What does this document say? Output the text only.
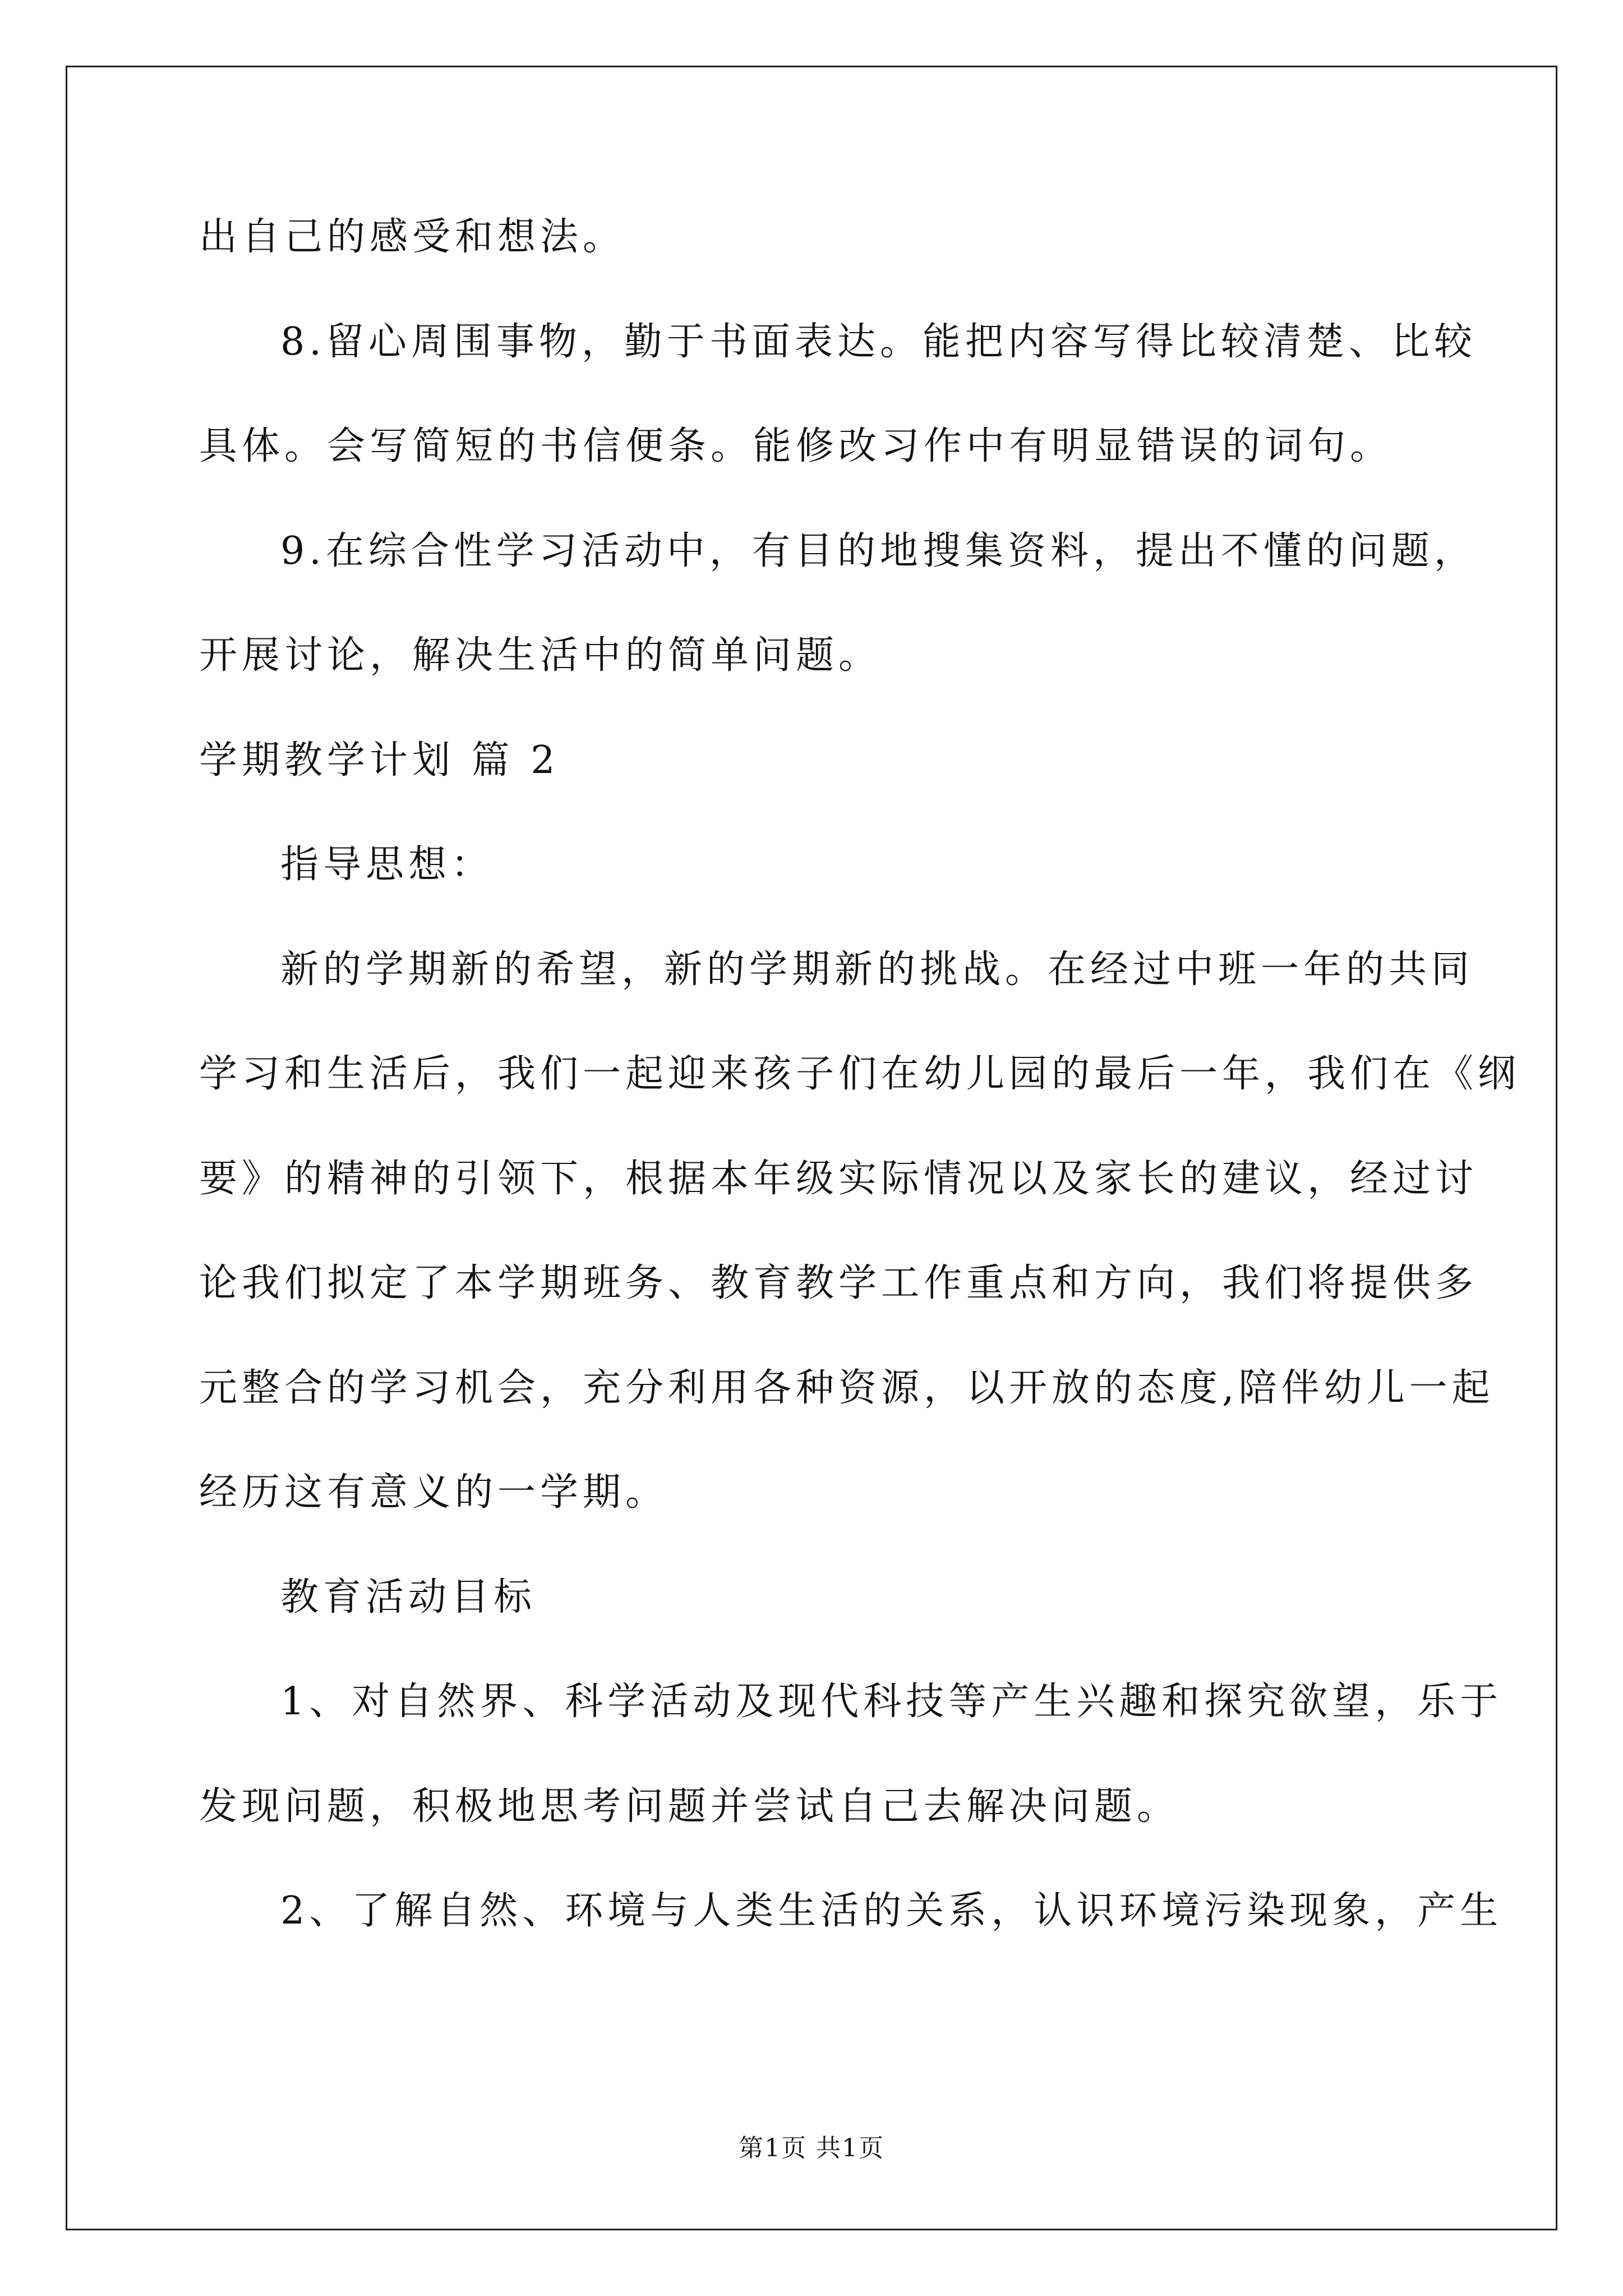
出自己的感受和想法。
8.留心周围事物，勤于书面表达。能把内容写得比较清楚、比较
具体。会写简短的书信便条。能修改习作中有明显错误的词句。
9.在综合性学习活动中，有目的地搜集资料，提出不懂的问题，
开展讨论，解决生活中的简单问题。
学期教学计划 篇 2
指导思想：
新的学期新的希望，新的学期新的挑战。在经过中班一年的共同
学习和生活后，我们一起迎来孩子们在幼儿园的最后一年，我们在《纲
要》的精神的引领下，根据本年级实际情况以及家长的建议，经过讨
论我们拟定了本学期班务、教育教学工作重点和方向，我们将提供多
元整合的学习机会，充分利用各种资源，以开放的态度,陪伴幼儿一起
经历这有意义的一学期。
教育活动目标
1、对自然界、科学活动及现代科技等产生兴趣和探究欲望，乐于
发现问题，积极地思考问题并尝试自己去解决问题。
2、了解自然、环境与人类生活的关系，认识环境污染现象，产生
第1页 共1页
